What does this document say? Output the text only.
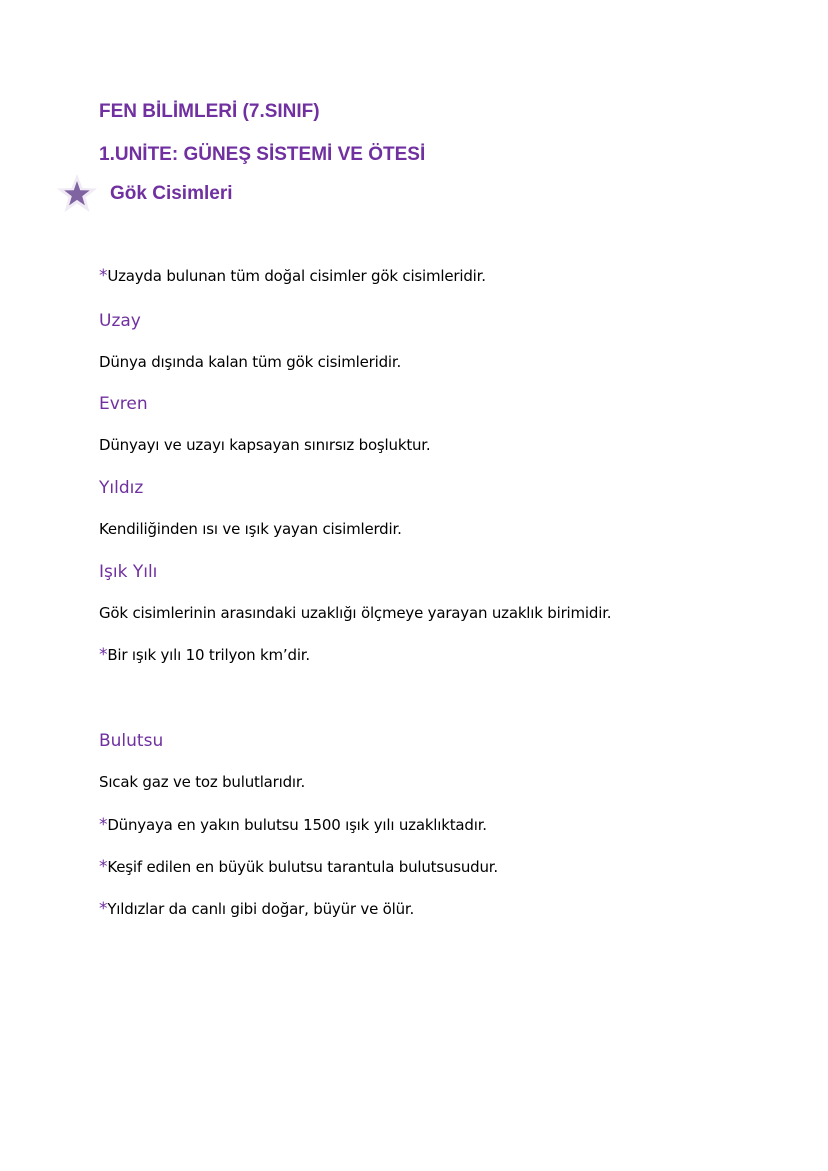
FEN BİLİMLERİ (7.SINIF)
1.UNİTE: GÜNEŞ SİSTEMİ VE ÖTESİ
Gök Cisimleri
*Uzayda bulunan tüm doğal cisimler gök cisimleridir.
Uzay
Dünya dışında kalan tüm gök cisimleridir.
Evren
Dünyayı ve uzayı kapsayan sınırsız boşluktur.
Yıldız
Kendiliğinden ısı ve ışık yayan cisimlerdir.
Işık Yılı
Gök cisimlerinin arasındaki uzaklığı ölçmeye yarayan uzaklık birimidir.
*Bir ışık yılı 10 trilyon km’dir.
Bulutsu
Sıcak gaz ve toz bulutlarıdır.
*Dünyaya en yakın bulutsu 1500 ışık yılı uzaklıktadır.
*Keşif edilen en büyük bulutsu tarantula bulutsusudur.
*Yıldızlar da canlı gibi doğar, büyür ve ölür.
